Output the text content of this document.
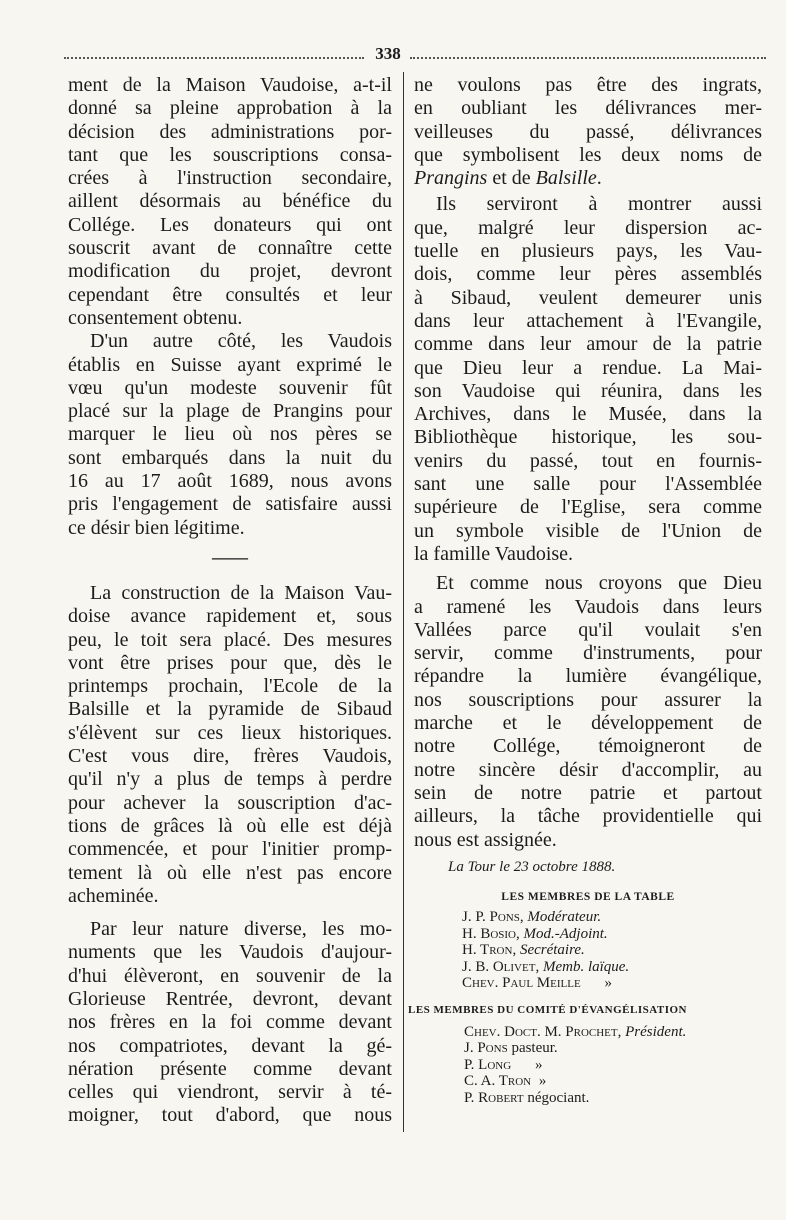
338
ment de la Maison Vaudoise, a-t-il
donné sa pleine approbation à la
décision des administrations por-
tant que les souscriptions consa-
crées à l'instruction secondaire,
aillent désormais au bénéfice du
Collége. Les donateurs qui ont
souscrit avant de connaître cette
modification du projet, devront
cependant être consultés et leur
consentement obtenu.
D'un autre côté, les Vaudois
établis en Suisse ayant exprimé le
vœu qu'un modeste souvenir fût
placé sur la plage de Prangins pour
marquer le lieu où nos pères se
sont embarqués dans la nuit du
16 au 17 août 1689, nous avons
pris l'engagement de satisfaire aussi
ce désir bien légitime.
——
La construction de la Maison Vau-
doise avance rapidement et, sous
peu, le toit sera placé. Des mesures
vont être prises pour que, dès le
printemps prochain, l'Ecole de la
Balsille et la pyramide de Sibaud
s'élèvent sur ces lieux historiques.
C'est vous dire, frères Vaudois,
qu'il n'y a plus de temps à perdre
pour achever la souscription d'ac-
tions de grâces là où elle est déjà
commencée, et pour l'initier promp-
tement là où elle n'est pas encore
acheminée.
Par leur nature diverse, les mo-
numents que les Vaudois d'aujour-
d'hui élèveront, en souvenir de la
Glorieuse Rentrée, devront, devant
nos frères en la foi comme devant
nos compatriotes, devant la gé-
nération présente comme devant
celles qui viendront, servir à té-
moigner, tout d'abord, que nous
ne voulons pas être des ingrats,
en oubliant les délivrances mer-
veilleuses du passé, délivrances
que symbolisent les deux noms de
Prangins et de Balsille.
Ils serviront à montrer aussi
que, malgré leur dispersion ac-
tuelle en plusieurs pays, les Vau-
dois, comme leur pères assemblés
à Sibaud, veulent demeurer unis
dans leur attachement à l'Evangile,
comme dans leur amour de la patrie
que Dieu leur a rendue. La Mai-
son Vaudoise qui réunira, dans les
Archives, dans le Musée, dans la
Bibliothèque historique, les sou-
venirs du passé, tout en fournis-
sant une salle pour l'Assemblée
supérieure de l'Eglise, sera comme
un symbole visible de l'Union de
la famille Vaudoise.
Et comme nous croyons que Dieu
a ramené les Vaudois dans leurs
Vallées parce qu'il voulait s'en
servir, comme d'instruments, pour
répandre la lumière évangélique,
nos souscriptions pour assurer la
marche et le développement de
notre Collége, témoigneront de
notre sincère désir d'accomplir, au
sein de notre patrie et partout
ailleurs, la tâche providentielle qui
nous est assignée.
La Tour le 23 octobre 1888.
LES MEMBRES DE LA TABLE
J. P. Pons, Modérateur.
H. Bosio, Mod.-Adjoint.
H. Tron, Secrétaire.
J. B. Olivet, Memb. laïque.
Chev. Paul Meille »
LES MEMBRES DU COMITÉ D'ÉVANGÉLISATION
Chev. Doct. M. Prochet, Président.
J. Pons pasteur.
P. Long »
C. A. Tron »
P. Robert négociant.
